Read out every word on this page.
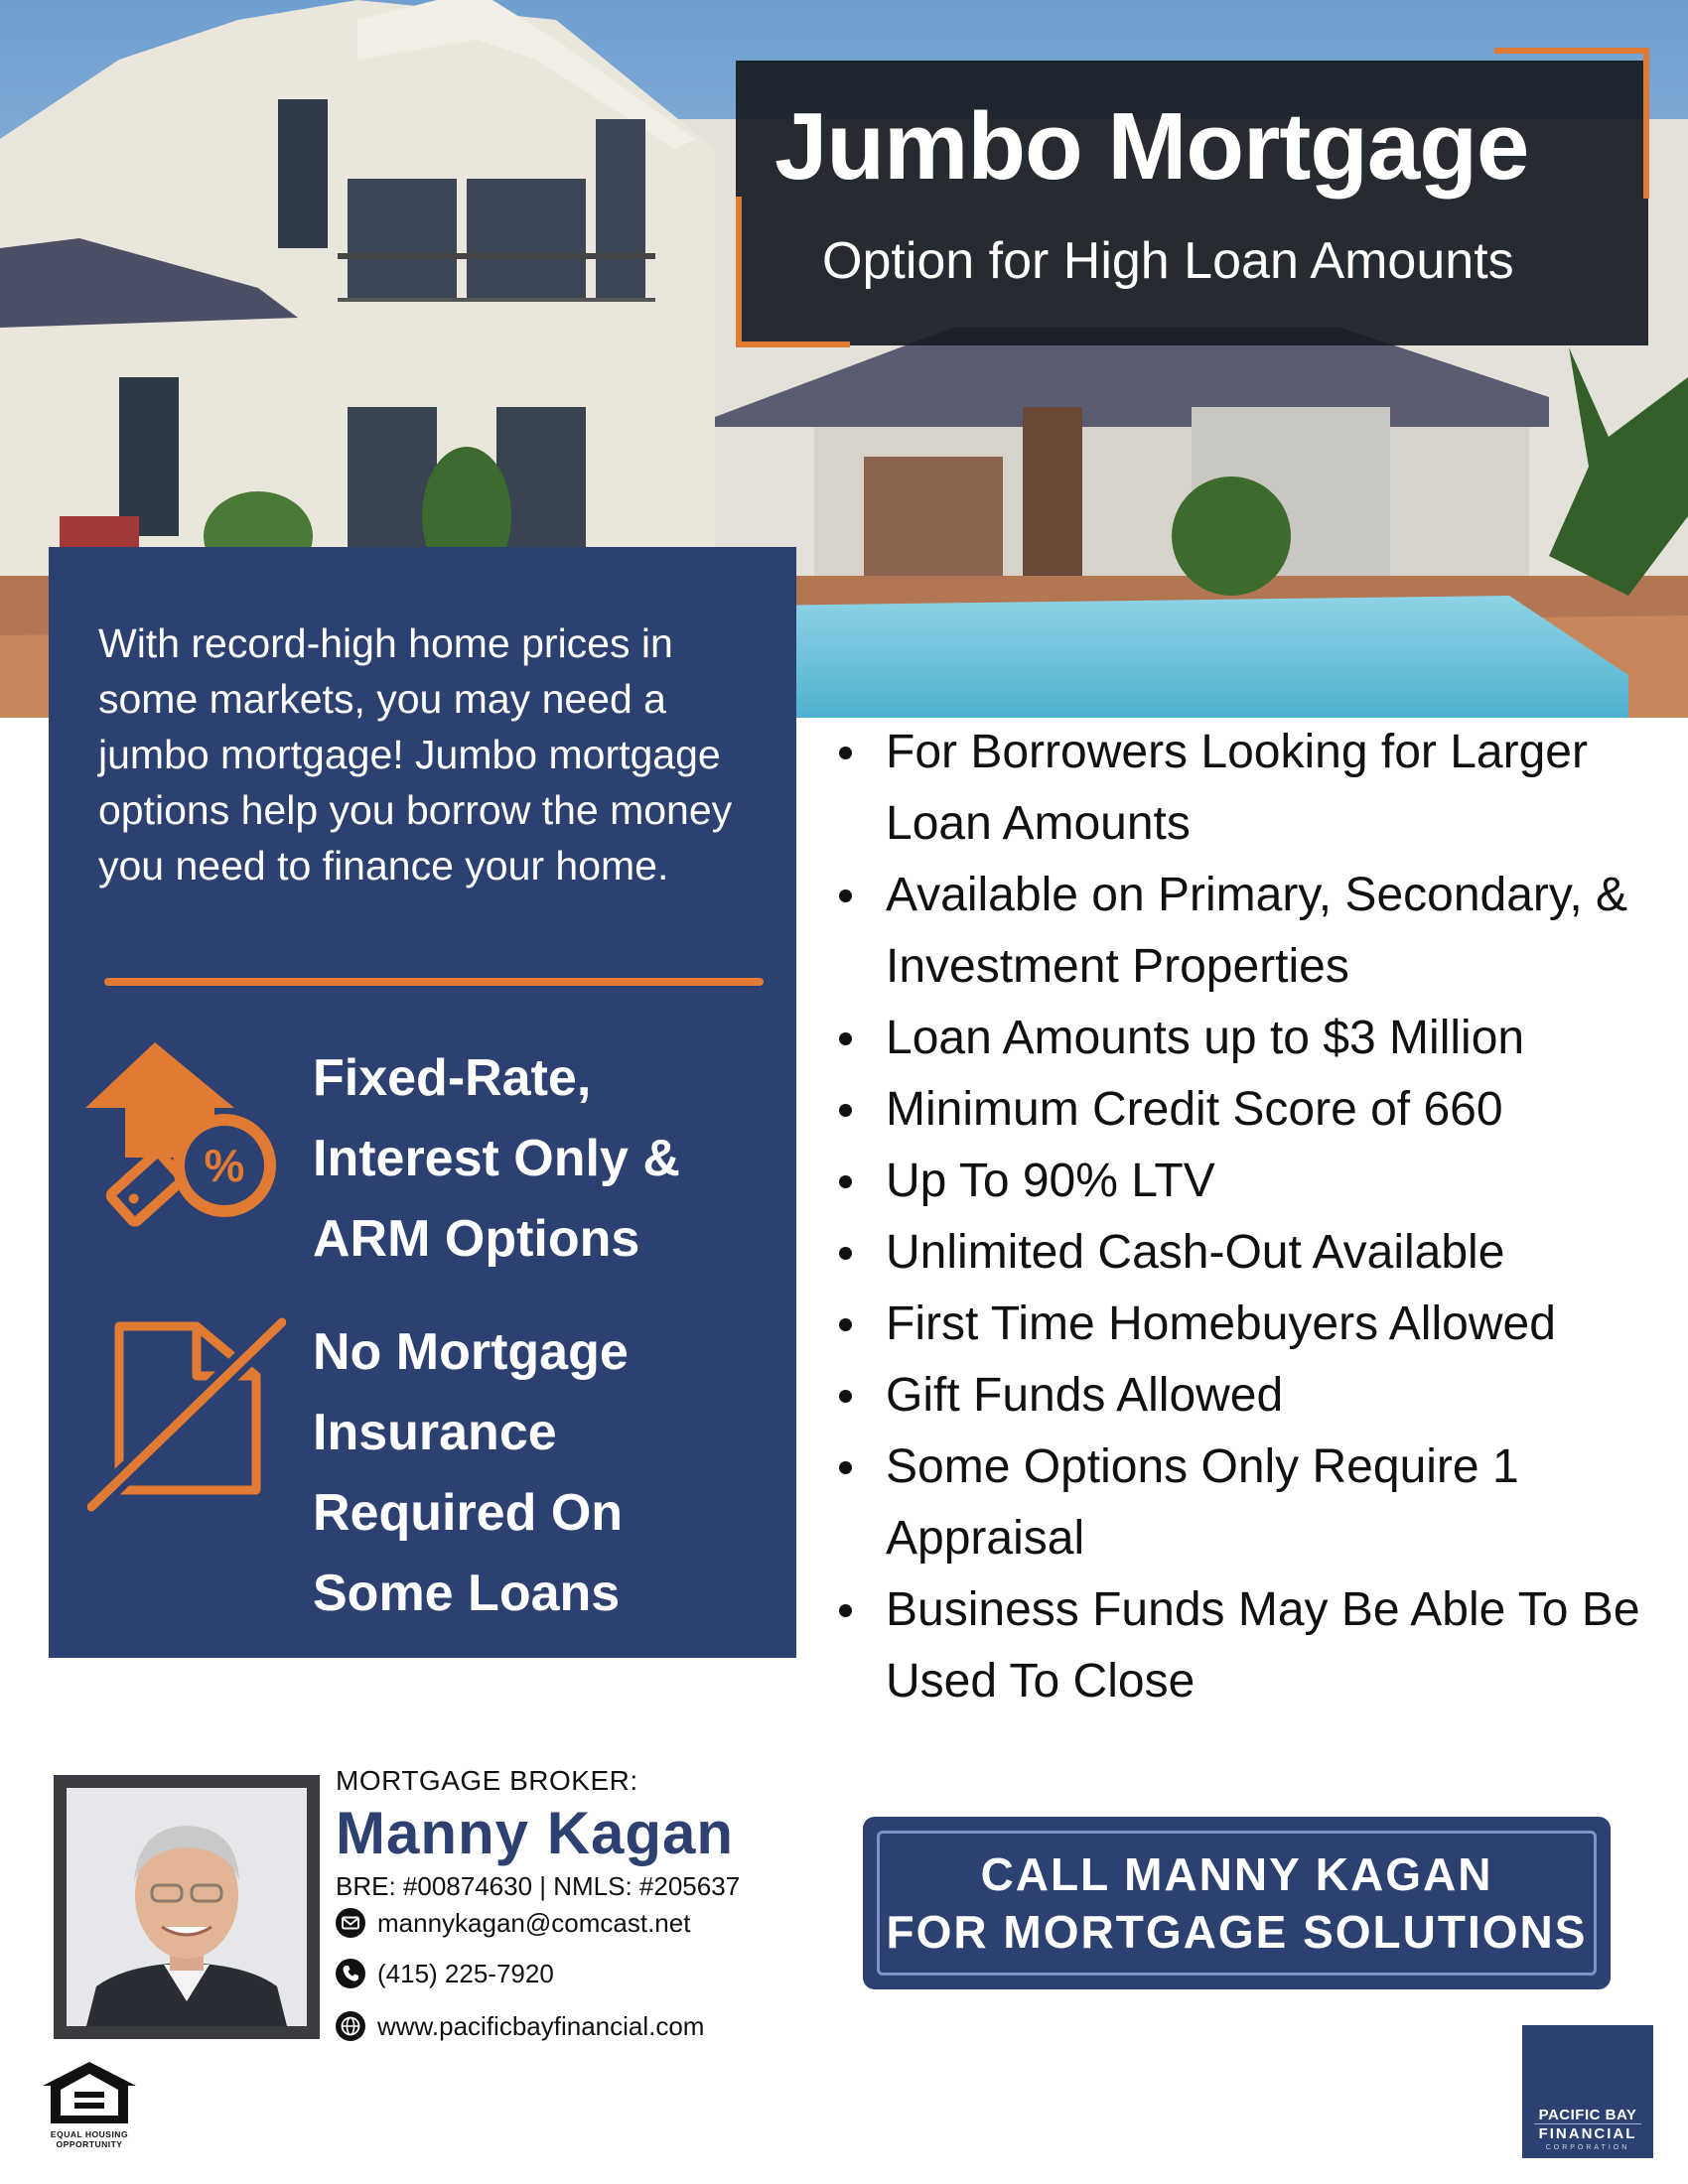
Jumbo Mortgage
Option for High Loan Amounts

With record-high home prices in some markets, you may need a jumbo mortgage! Jumbo mortgage options help you borrow the money you need to finance your home.

%
Fixed-Rate,
Interest Only &
ARM Options
No Mortgage
Insurance
Required On
Some Loans
For Borrowers Looking for Larger Loan Amounts
Available on Primary, Secondary, & Investment Properties
Loan Amounts up to $3 Million
Minimum Credit Score of 660
Up To 90% LTV
Unlimited Cash-Out Available
First Time Homebuyers Allowed
Gift Funds Allowed
Some Options Only Require 1 Appraisal
Business Funds May Be Able To Be Used To Close
MORTGAGE BROKER:
Manny Kagan
BRE: #00874630 | NMLS: #205637
mannykagan@comcast.net
(415) 225-7920
www.pacificbayfinancial.com
CALL MANNY KAGAN
FOR MORTGAGE SOLUTIONS
EQUAL HOUSING
OPPORTUNITY
PACIFIC BAY
FINANCIAL
CORPORATION
